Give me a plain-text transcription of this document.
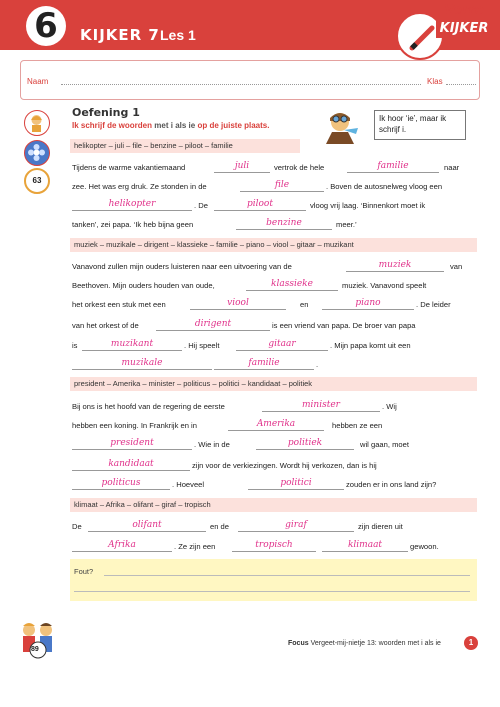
6	KIJKER 7 Les 1
Verre
KIJKER
Naam	Klas
63
Oefening 1
Ik schrijf de woorden met i als ie op de juiste plaats.
Ik hoor ‘ie’, maar ik schrijf i.
helikopter – juli – file – benzine – piloot – familie
Tijdens de warme vakantiemaand	juli	vertrok de hele	familie	naar
zee. Het was erg druk. Ze stonden in de	file	. Boven de autosnelweg vloog een
helikopter	. De	piloot	vloog vrij laag. ‘Binnenkort moet ik
tanken’, zei papa. ‘Ik heb bijna geen	benzine	meer.’
muziek – muzikale – dirigent – klassieke – familie – piano – viool – gitaar – muzikant
Vanavond zullen mijn ouders luisteren naar een uitvoering van de	muziek	van
Beethoven. Mijn ouders houden van oude,	klassieke	muziek. Vanavond speelt
het orkest een stuk met een	viool	en	piano	. De leider
van het orkest of de	dirigent	is een vriend van papa. De broer van papa
is	muzikant	. Hij speelt	gitaar	. Mijn papa komt uit een
muzikale	familie	.
president – Amerika – minister – politicus – politici – kandidaat – politiek
Bij ons is het hoofd van de regering de eerste	minister	. Wij
hebben een koning. In Frankrijk en in	Amerika	hebben ze een
president	. Wie in de	politiek	wil gaan, moet
kandidaat	zijn voor de verkiezingen. Wordt hij verkozen, dan is hij
politicus	. Hoeveel	politici	zouden er in ons land zijn?
klimaat – Afrika – olifant – giraf – tropisch
De	olifant	en de	giraf	zijn dieren uit
Afrika	. Ze zijn een	tropisch	klimaat	gewoon.
Fout?
89
Focus Vergeet-mij-nietje 13: woorden met i als ie	1
